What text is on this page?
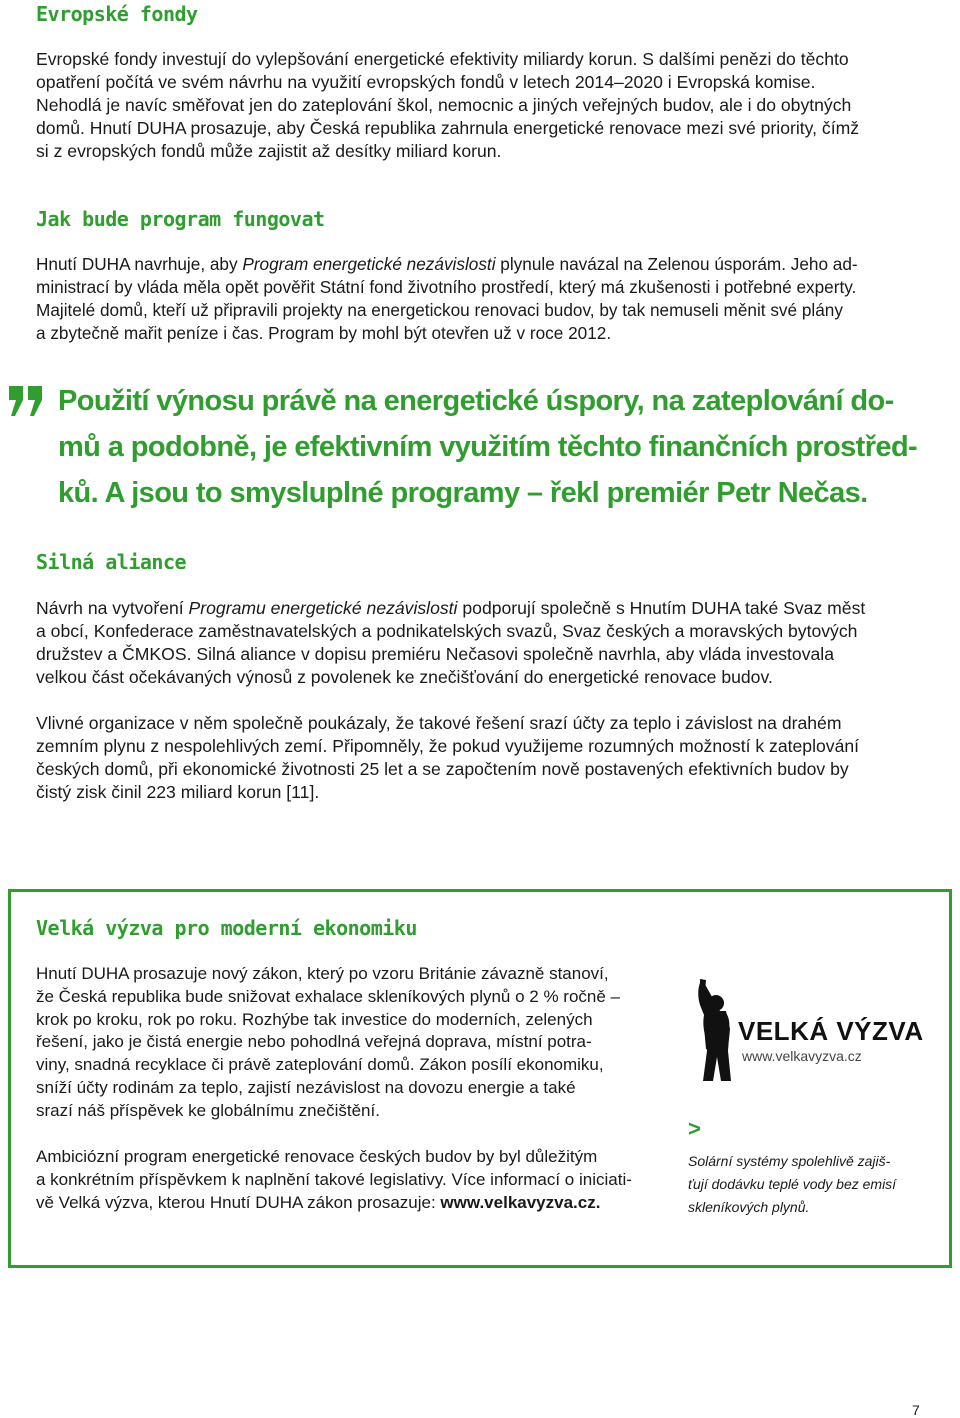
Evropské fondy

Evropské fondy investují do vylepšování energetické efektivity miliardy korun. S dalšími penězi do těchto
opatření počítá ve svém návrhu na využití evropských fondů v letech 2014–2020 i Evropská komise.
Nehodlá je navíc směřovat jen do zateplování škol, nemocnic a jiných veřejných budov, ale i do obytných
domů. Hnutí DUHA prosazuje, aby Česká republika zahrnula energetické renovace mezi své priority, čímž
si z evropských fondů může zajistit až desítky miliard korun.

Jak bude program fungovat

Hnutí DUHA navrhuje, aby Program energetické nezávislosti plynule navázal na Zelenou úsporám. Jeho ad-
ministrací by vláda měla opět pověřit Státní fond životního prostředí, který má zkušenosti i potřebné experty.
Majitelé domů, kteří už připravili projekty na energetickou renovaci budov, by tak nemuseli měnit své plány
a zbytečně mařit peníze i čas. Program by mohl být otevřen už v roce 2012.

Použití výnosu právě na energetické úspory, na zateplování do-
mů a podobně, je efektivním využitím těchto finančních prostřed-
ků. A jsou to smysluplné programy – řekl premiér Petr Nečas.

Silná aliance

Návrh na vytvoření Programu energetické nezávislosti podporují společně s Hnutím DUHA také Svaz měst
a obcí, Konfederace zaměstnavatelských a podnikatelských svazů, Svaz českých a moravských bytových
družstev a ČMKOS. Silná aliance v dopisu premiéru Nečasovi společně navrhla, aby vláda investovala
velkou část očekávaných výnosů z povolenek ke znečišťování do energetické renovace budov.

Vlivné organizace v něm společně poukázaly, že takové řešení srazí účty za teplo i závislost na drahém
zemním plynu z nespolehlivých zemí. Připomněly, že pokud využijeme rozumných možností k zateplování
českých domů, při ekonomické životnosti 25 let a se započtením nově postavených efektivních budov by
čistý zisk činil 223 miliard korun [11].

Velká výzva pro moderní ekonomiku

Hnutí DUHA prosazuje nový zákon, který po vzoru Británie závazně stanoví,
že Česká republika bude snižovat exhalace skleníkových plynů o 2 % ročně –
krok po kroku, rok po roku. Rozhýbe tak investice do moderních, zelených
řešení, jako je čistá energie nebo pohodlná veřejná doprava, místní potra-
viny, snadná recyklace či právě zateplování domů. Zákon posílí ekonomiku,
sníží účty rodinám za teplo, zajistí nezávislost na dovozu energie a také
srazí náš příspěvek ke globálnímu znečištění.

Ambiciózní program energetické renovace českých budov by byl důležitým
a konkrétním příspěvkem k naplnění takové legislativy. Více informací o iniciati-
vě Velká výzva, kterou Hnutí DUHA zákon prosazuje: www.velkavyzva.cz.

VELKÁ VÝZVA

www.velkavyzva.cz

>

Solární systémy spolehlivě zajiš-
ťují dodávku teplé vody bez emisí
skleníkových plynů.

7
